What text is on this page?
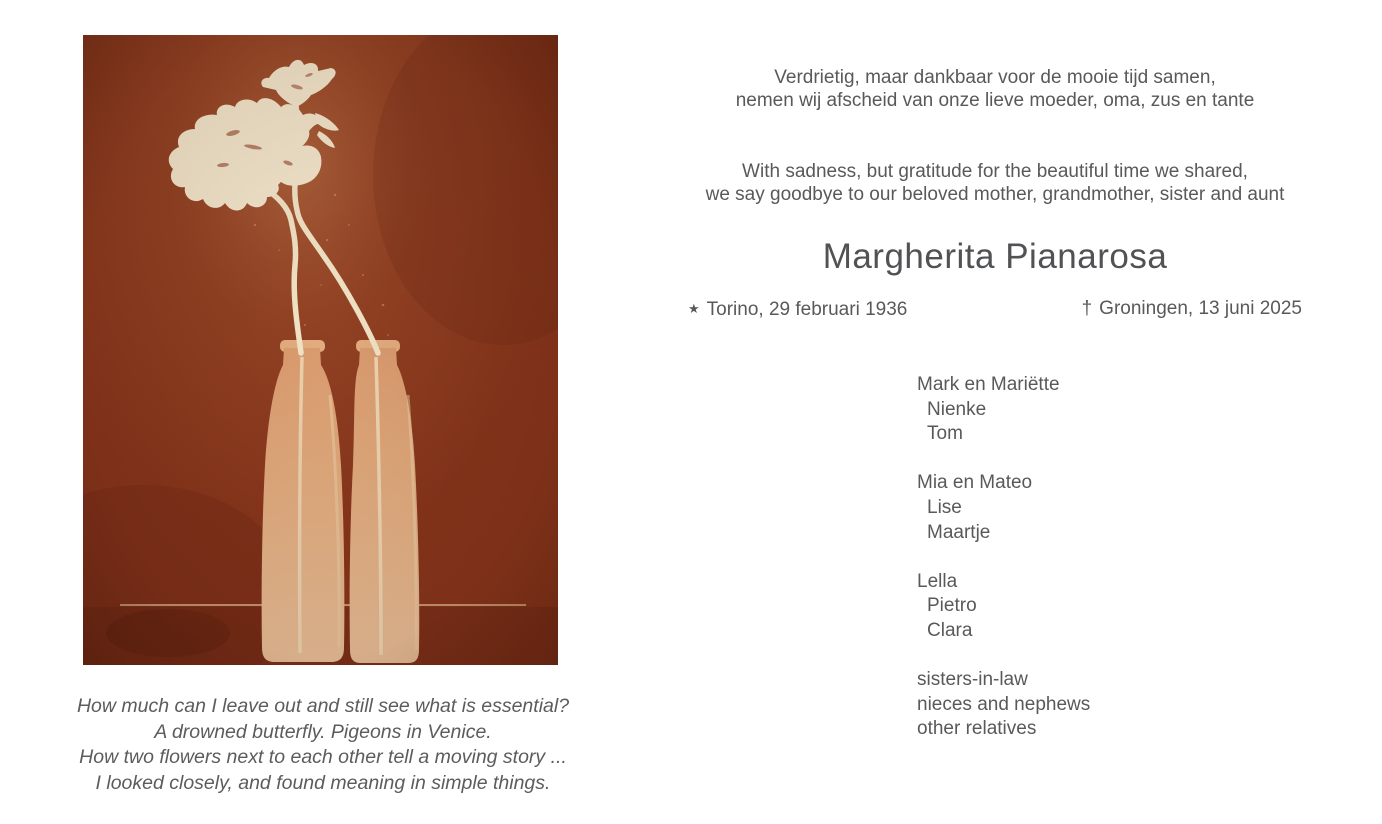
How much can I leave out and still see what is essential?
A drowned butterfly. Pigeons in Venice.
How two flowers next to each other tell a moving story ...
I looked closely, and found meaning in simple things.
Verdrietig, maar dankbaar voor de mooie tijd samen,
nemen wij afscheid van onze lieve moeder, oma, zus en tante
With sadness, but gratitude for the beautiful time we shared,
we say goodbye to our beloved mother, grandmother, sister and aunt
Margherita Pianarosa
★ Torino, 29 februari 1936	† Groningen, 13 juni 2025
Mark en Mariëtte
Nienke
Tom
Mia en Mateo
Lise
Maartje
Lella
Pietro
Clara
sisters-in-law
nieces and nephews
other relatives
